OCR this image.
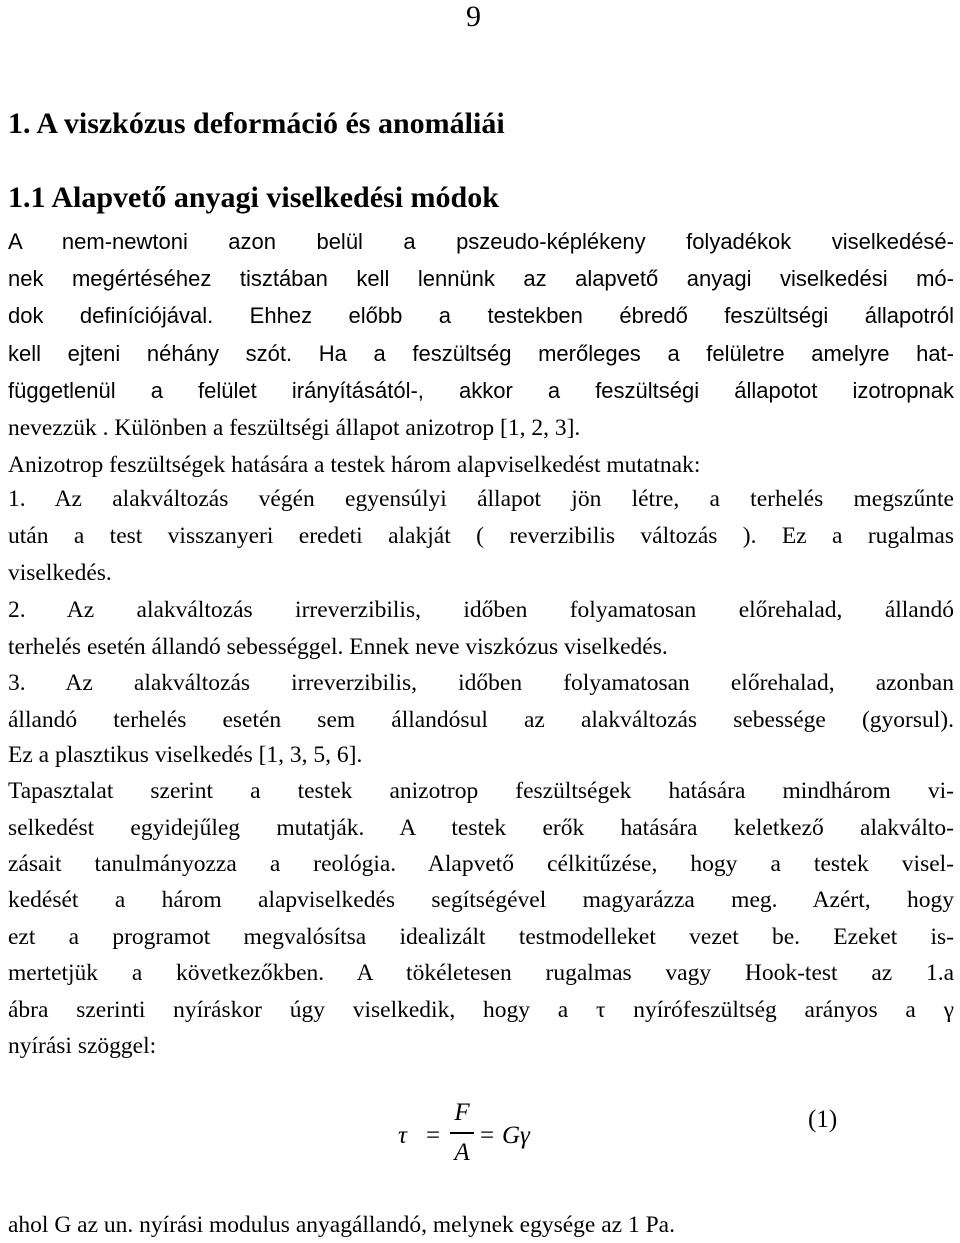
9
1. A viszkózus deformáció és anomáliái
1.1 Alapvető anyagi viselkedési módok
A nem-newtoni azon belül a pszeudo-képlékeny folyadékok viselkedésé-
nek megértéséhez tisztában kell lennünk az alapvető anyagi viselkedési mó-
dok definíciójával. Ehhez előbb a testekben ébredő feszültségi állapotról
kell ejteni néhány szót. Ha a feszültség merőleges a felületre amelyre hat-
függetlenül a felület irányításától-, akkor a feszültségi állapotot izotropnak
nevezzük . Különben a feszültségi állapot anizotrop [1, 2, 3].
Anizotrop feszültségek hatására a testek három alapviselkedést mutatnak:
1. Az alakváltozás végén egyensúlyi állapot jön létre, a terhelés megszűnte
után a test visszanyeri eredeti alakját ( reverzibilis változás ). Ez a rugalmas
viselkedés.
2. Az alakváltozás irreverzibilis, időben folyamatosan előrehalad, állandó
terhelés esetén állandó sebességgel. Ennek neve viszkózus viselkedés.
3. Az alakváltozás irreverzibilis, időben folyamatosan előrehalad, azonban
állandó terhelés esetén sem állandósul az alakváltozás sebessége (gyorsul).
Ez a plasztikus viselkedés [1, 3, 5, 6].
Tapasztalat szerint a testek anizotrop feszültségek hatására mindhárom vi-
selkedést egyidejűleg mutatják. A testek erők hatására keletkező alakválto-
zásait tanulmányozza a reológia. Alapvető célkitűzése, hogy a testek visel-
kedését a három alapviselkedés segítségével magyarázza meg. Azért, hogy
ezt a programot megvalósítsa idealizált testmodelleket vezet be. Ezeket is-
mertetjük a következőkben. A tökéletesen rugalmas vagy Hook-test az 1.a
ábra szerinti nyíráskor úgy viselkedik, hogy a τ nyírófeszültség arányos a γ
nyírási szöggel:
τ =
F
A
= Gγ
(1)
ahol G az un. nyírási modulus anyagállandó, melynek egysége az 1 Pa.
